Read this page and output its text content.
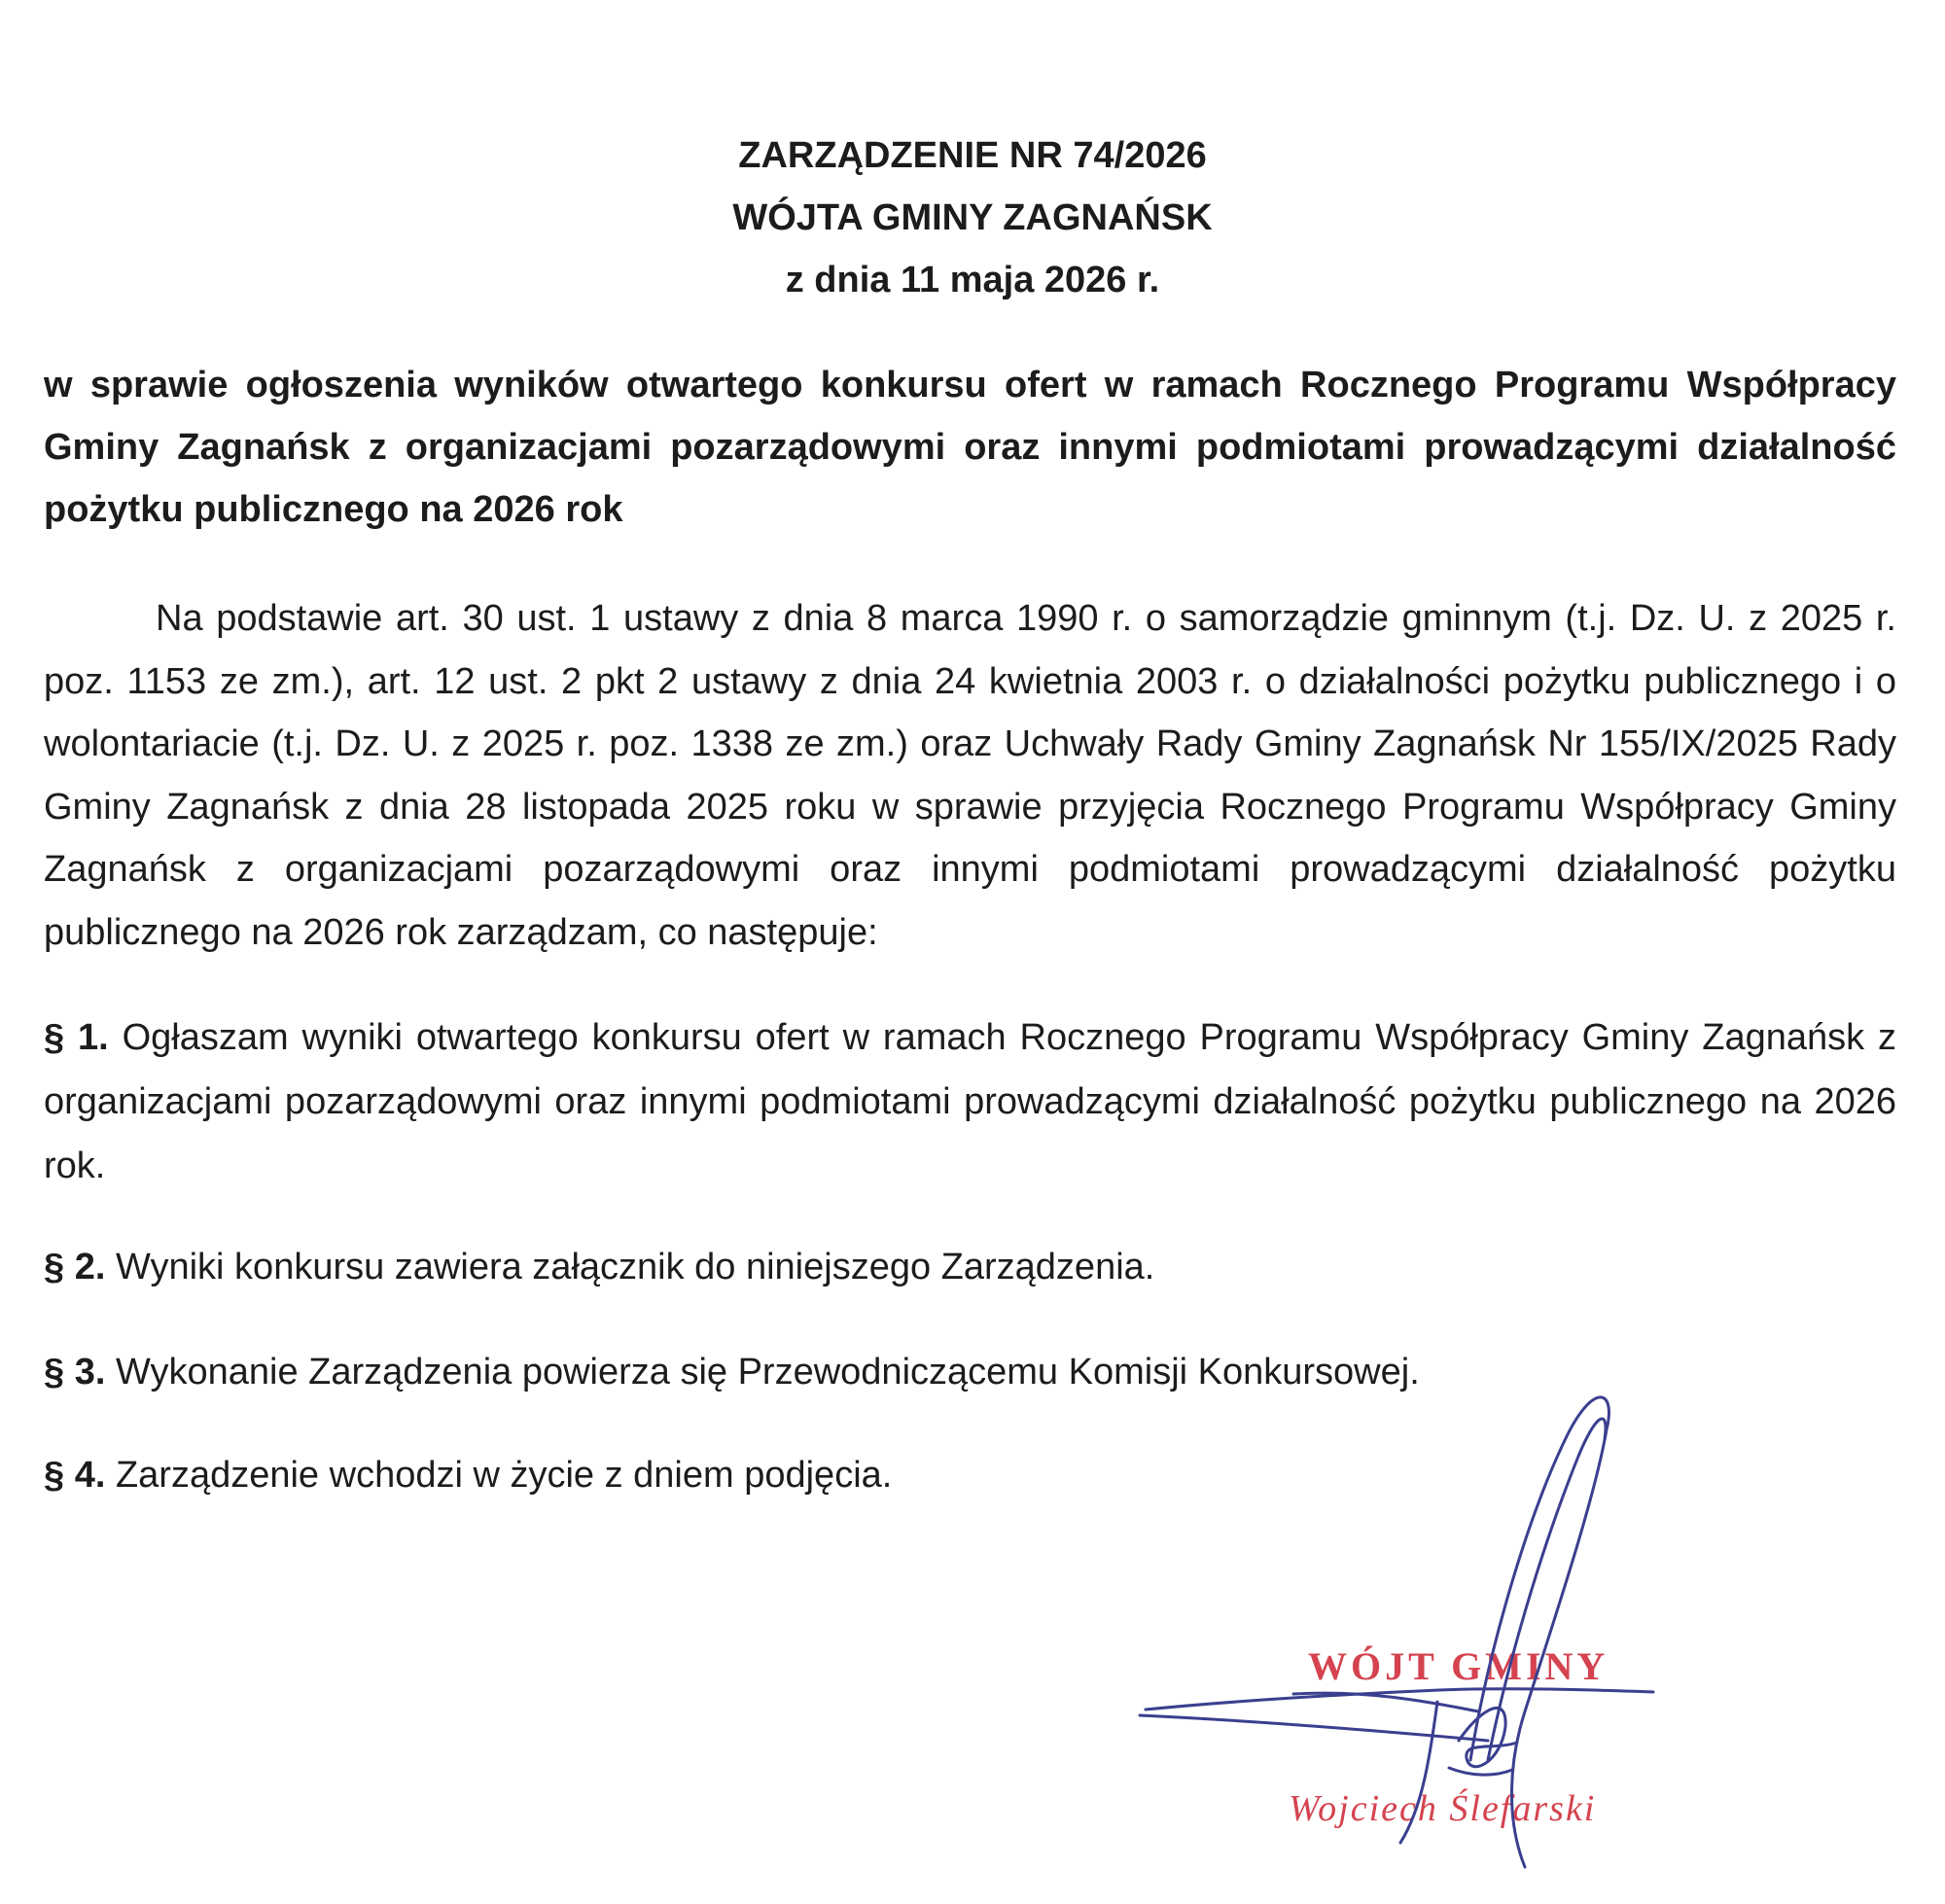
ZARZĄDZENIE NR 74/2026
WÓJTA GMINY ZAGNAŃSK
z dnia 11 maja 2026 r.
w sprawie ogłoszenia wyników otwartego konkursu ofert w ramach Rocznego Programu Współpracy Gminy Zagnańsk z organizacjami pozarządowymi oraz innymi podmiotami prowadzącymi działalność pożytku publicznego na 2026 rok
Na podstawie art. 30 ust. 1 ustawy z dnia 8 marca 1990 r. o samorządzie gminnym (t.j. Dz. U. z 2025 r. poz. 1153 ze zm.), art. 12 ust. 2 pkt 2 ustawy z dnia 24 kwietnia 2003 r. o działalności pożytku publicznego i o wolontariacie (t.j. Dz. U. z 2025 r. poz. 1338 ze zm.) oraz Uchwały Rady Gminy Zagnańsk Nr 155/IX/2025 Rady Gminy Zagnańsk z dnia 28 listopada 2025 roku w sprawie przyjęcia Rocznego Programu Współpracy Gminy Zagnańsk z organizacjami pozarządowymi oraz innymi podmiotami prowadzącymi działalność pożytku publicznego na 2026 rok zarządzam, co następuje:
§ 1. Ogłaszam wyniki otwartego konkursu ofert w ramach Rocznego Programu Współpracy Gminy Zagnańsk z organizacjami pozarządowymi oraz innymi podmiotami prowadzącymi działalność pożytku publicznego na 2026 rok.
§ 2. Wyniki konkursu zawiera załącznik do niniejszego Zarządzenia.
§ 3. Wykonanie Zarządzenia powierza się Przewodniczącemu Komisji Konkursowej.
§ 4. Zarządzenie wchodzi w życie z dniem podjęcia.
WÓJT GMINY
Wojciech Ślefarski
